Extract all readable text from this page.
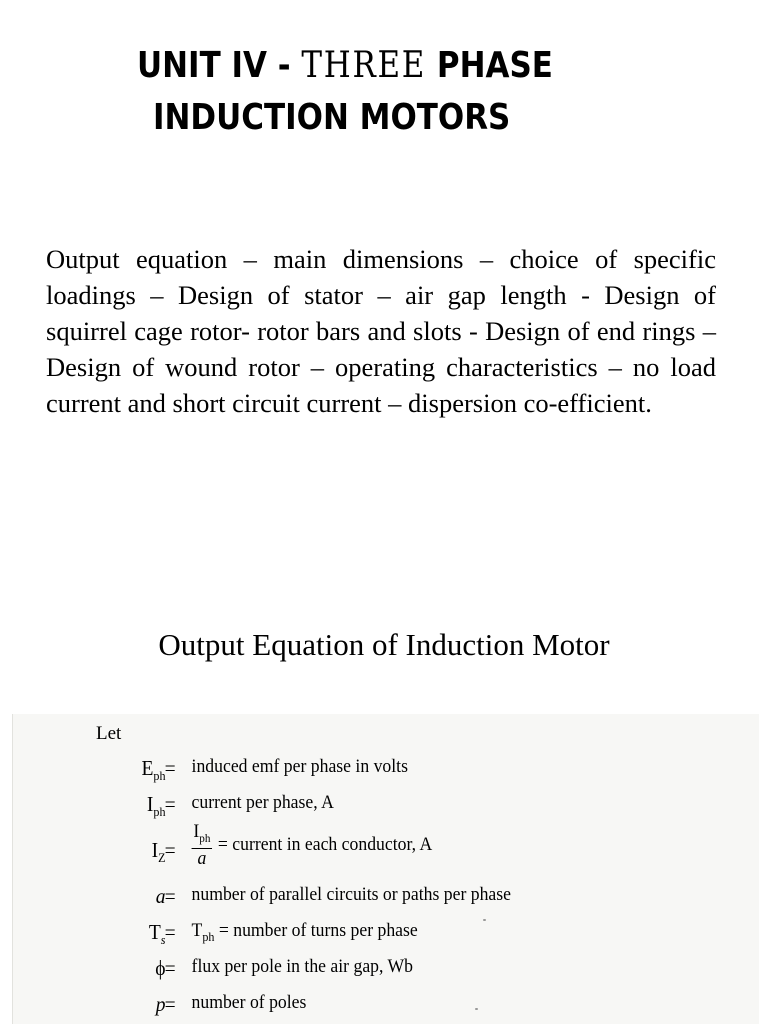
UNIT IV - THREE PHASE
INDUCTION MOTORS
Output equation – main dimensions – choice of specific loadings – Design of stator – air gap length - Design of squirrel cage rotor- rotor bars and slots - Design of end rings – Design of wound rotor – operating characteristics – no load current and short circuit current – dispersion co-efficient.
Output Equation of Induction Motor
Let
$E_{ph}$ = induced emf per phase in volts
$I_{ph}$ = current per phase, A
$I_Z = \frac{I_{ph}}{a}$ = current in each conductor, A
a = number of parallel circuits or paths per phase
$T_s = T_{ph}$ = number of turns per phase
ϕ = flux per pole in the air gap, Wb
p = number of poles
